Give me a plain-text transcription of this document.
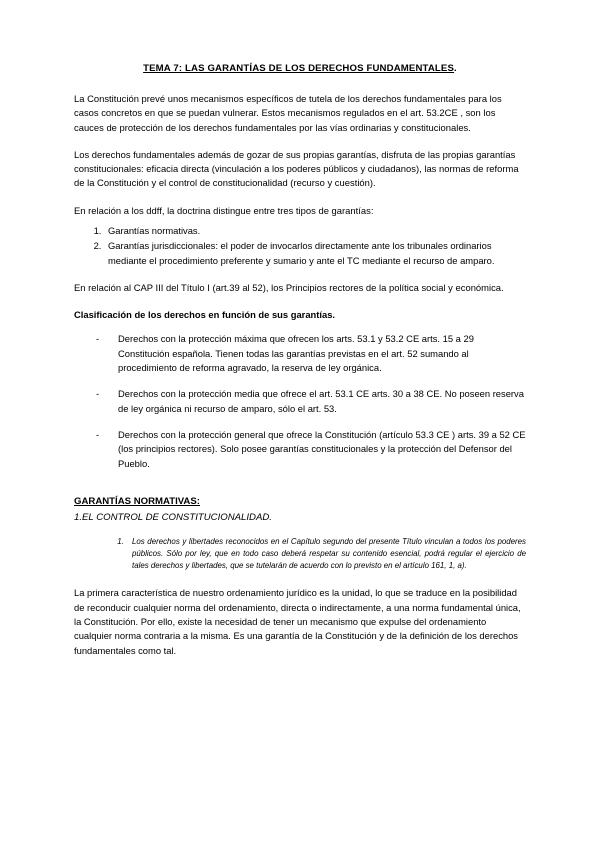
TEMA 7: LAS GARANTÍAS DE LOS DERECHOS FUNDAMENTALES.

La Constitución prevé unos mecanismos específicos de tutela de los derechos fundamentales para los casos concretos en que se puedan vulnerar. Estos mecanismos regulados en el art. 53.2CE , son los cauces de protección de los derechos fundamentales por las vías ordinarias y constitucionales.

Los derechos fundamentales además de gozar de sus propias garantías, disfruta de las propias garantías constitucionales: eficacia directa (vinculación a los poderes públicos y ciudadanos), las normas de reforma de la Constitución y el control de constitucionalidad (recurso y cuestión).

En relación a los ddff, la doctrina distingue entre tres tipos de garantías:

1. Garantías normativas.
2. Garantías jurisdiccionales: el poder de invocarlos directamente ante los tribunales ordinarios mediante el procedimiento preferente y sumario y ante el TC mediante el recurso de amparo.

En relación al CAP III del Título I (art.39 al 52), los Principios rectores de la política social y económica.

Clasificación de los derechos en función de sus garantías.

- Derechos con la protección máxima que ofrecen los arts. 53.1 y 53.2 CE arts. 15 a 29 Constitución española. Tienen todas las garantías previstas en el art. 52 sumando al procedimiento de reforma agravado, la reserva de ley orgánica.
- Derechos con la protección media que ofrece el art. 53.1 CE arts. 30 a 38 CE. No poseen reserva de ley orgánica ni recurso de amparo, sólo el art. 53.
- Derechos con la protección general que ofrece la Constitución (artículo 53.3 CE ) arts. 39 a 52 CE (los principios rectores). Solo posee garantías constitucionales y la protección del Defensor del Pueblo.

GARANTÍAS NORMATIVAS:

1.EL CONTROL DE CONSTITUCIONALIDAD.

1. Los derechos y libertades reconocidos en el Capítulo segundo del presente Título vinculan a todos los poderes públicos. Sólo por ley, que en todo caso deberá respetar su contenido esencial, podrá regular el ejercicio de tales derechos y libertades, que se tutelarán de acuerdo con lo previsto en el artículo 161, 1, a).

La primera característica de nuestro ordenamiento jurídico es la unidad, lo que se traduce en la posibilidad de reconducir cualquier norma del ordenamiento, directa o indirectamente, a una norma fundamental única, la Constitución. Por ello, existe la necesidad de tener un mecanismo que expulse del ordenamiento cualquier norma contraria a la misma. Es una garantía de la Constitución y de la definición de los derechos fundamentales como tal.
